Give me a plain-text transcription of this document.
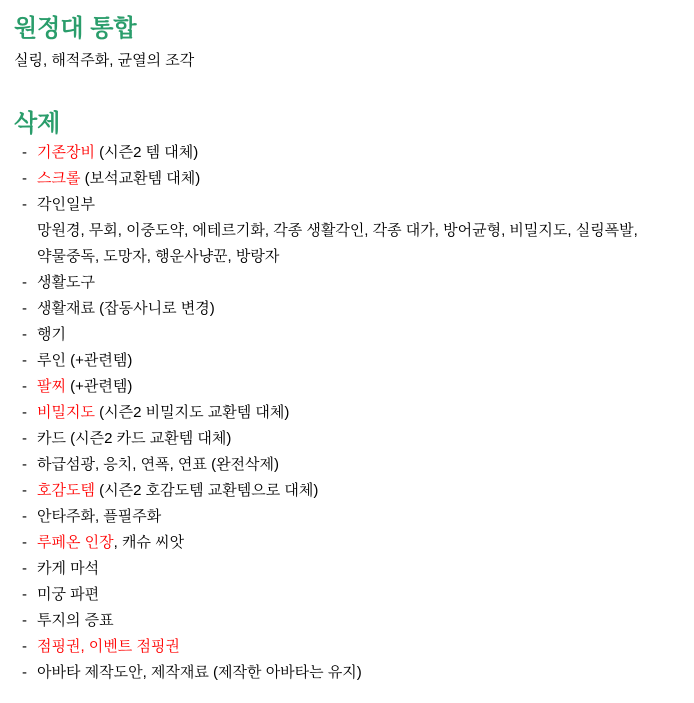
원정대 통합
실링, 해적주화, 균열의 조각
삭제
- 기존장비 (시즌2 템 대체)
- 스크롤 (보석교환템 대체)
- 각인일부
망원경, 무회, 이중도약, 에테르기화, 각종 생활각인, 각종 대가, 방어균형, 비밀지도, 실링폭발,
약물중독, 도망자, 행운사냥꾼, 방랑자
- 생활도구
- 생활재료 (잡동사니로 변경)
- 행기
- 루인 (+관련템)
- 팔찌 (+관련템)
- 비밀지도 (시즌2 비밀지도 교환템 대체)
- 카드 (시즌2 카드 교환템 대체)
- 하급섬광, 응치, 연폭, 연표 (완전삭제)
- 호감도템 (시즌2 호감도템 교환템으로 대체)
- 안타주화, 플필주화
- 루페온 인장, 캐슈 씨앗
- 카게 마석
- 미궁 파편
- 투지의 증표
- 점핑권, 이벤트 점핑권
- 아바타 제작도안, 제작재료 (제작한 아바타는 유지)
